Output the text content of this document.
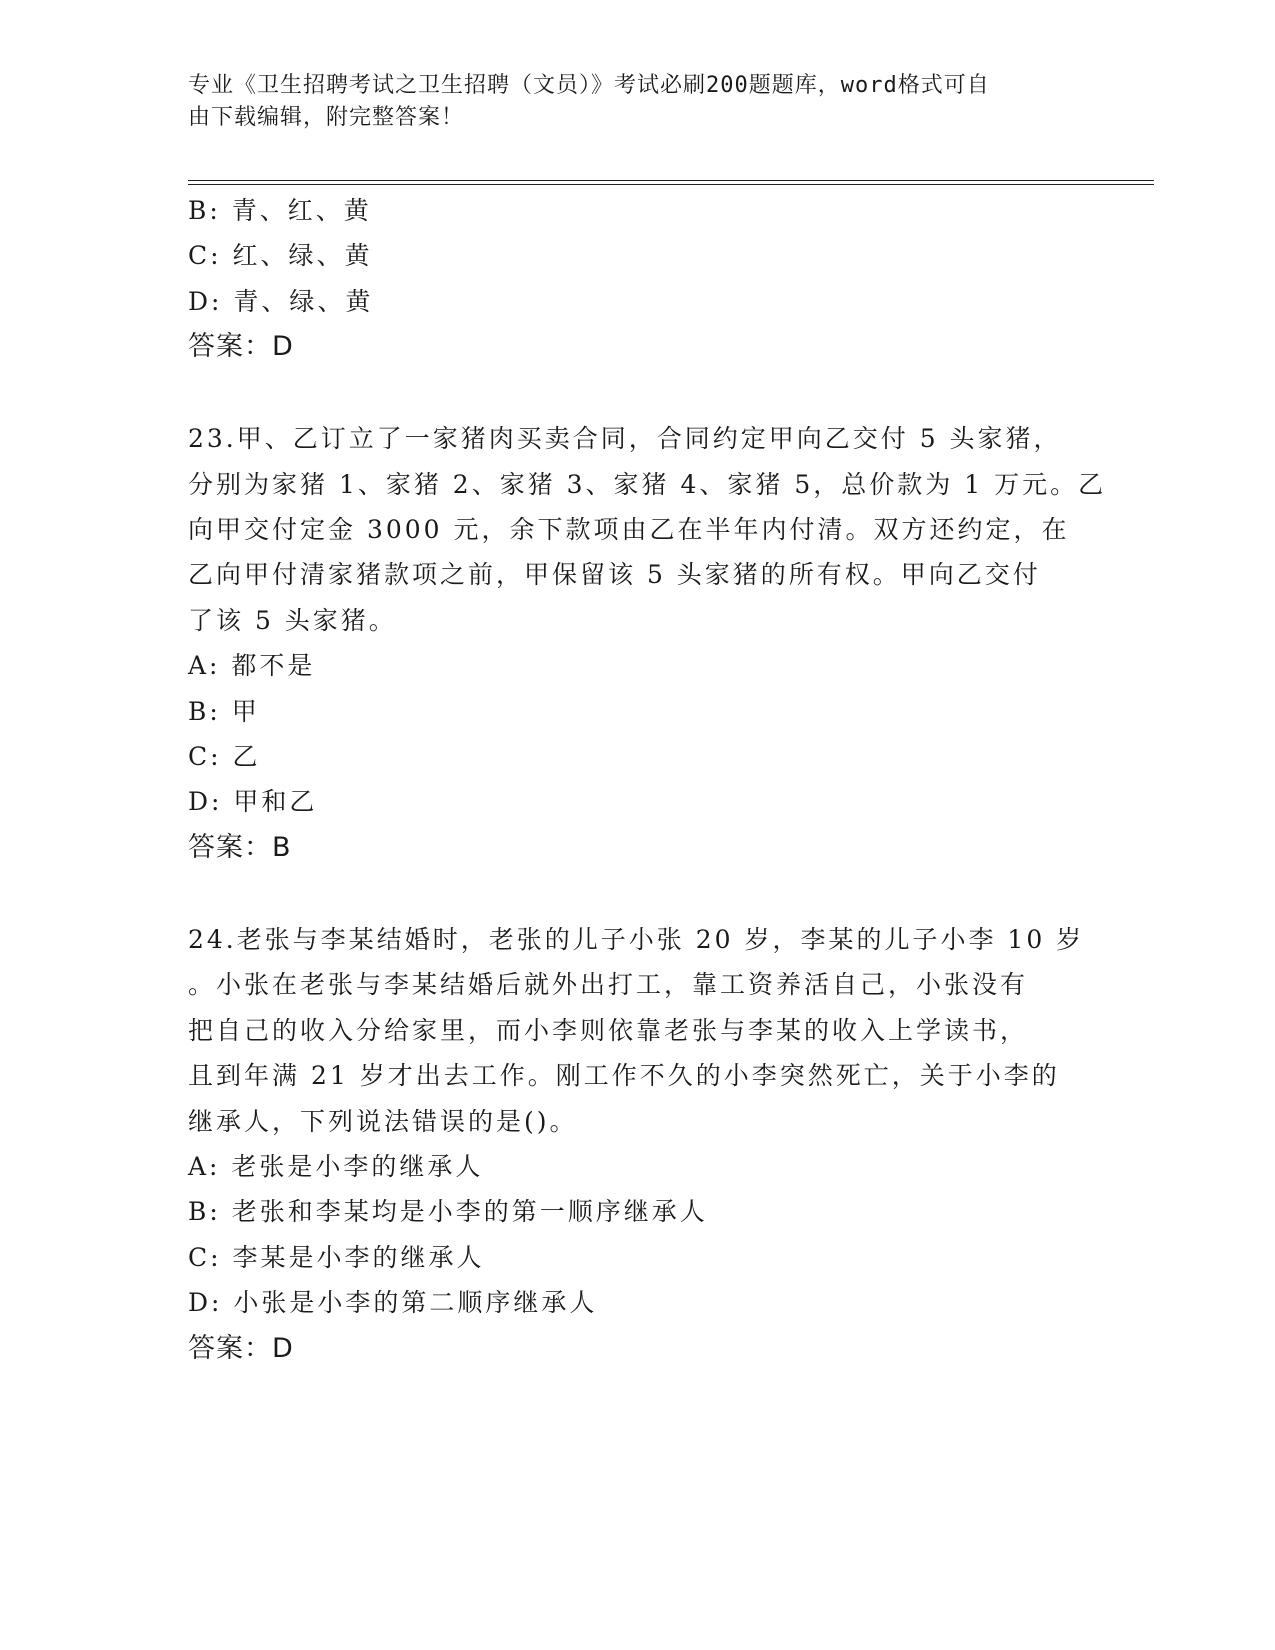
专业《卫生招聘考试之卫生招聘（文员）》考试必刷200题题库，word格式可自
由下载编辑，附完整答案！
B: 青、红、黄
C: 红、绿、黄
D: 青、绿、黄
答案：D
23.甲、乙订立了一家猪肉买卖合同，合同约定甲向乙交付 5 头家猪，
分别为家猪 1、家猪 2、家猪 3、家猪 4、家猪 5，总价款为 1 万元。乙
向甲交付定金 3000 元，余下款项由乙在半年内付清。双方还约定，在
乙向甲付清家猪款项之前，甲保留该 5 头家猪的所有权。甲向乙交付
了该 5 头家猪。
A: 都不是
B: 甲
C: 乙
D: 甲和乙
答案：B
24.老张与李某结婚时，老张的儿子小张 20 岁，李某的儿子小李 10 岁
。小张在老张与李某结婚后就外出打工，靠工资养活自己，小张没有
把自己的收入分给家里，而小李则依靠老张与李某的收入上学读书，
且到年满 21 岁才出去工作。刚工作不久的小李突然死亡，关于小李的
继承人，下列说法错误的是()。
A: 老张是小李的继承人
B: 老张和李某均是小李的第一顺序继承人
C: 李某是小李的继承人
D: 小张是小李的第二顺序继承人
答案：D
